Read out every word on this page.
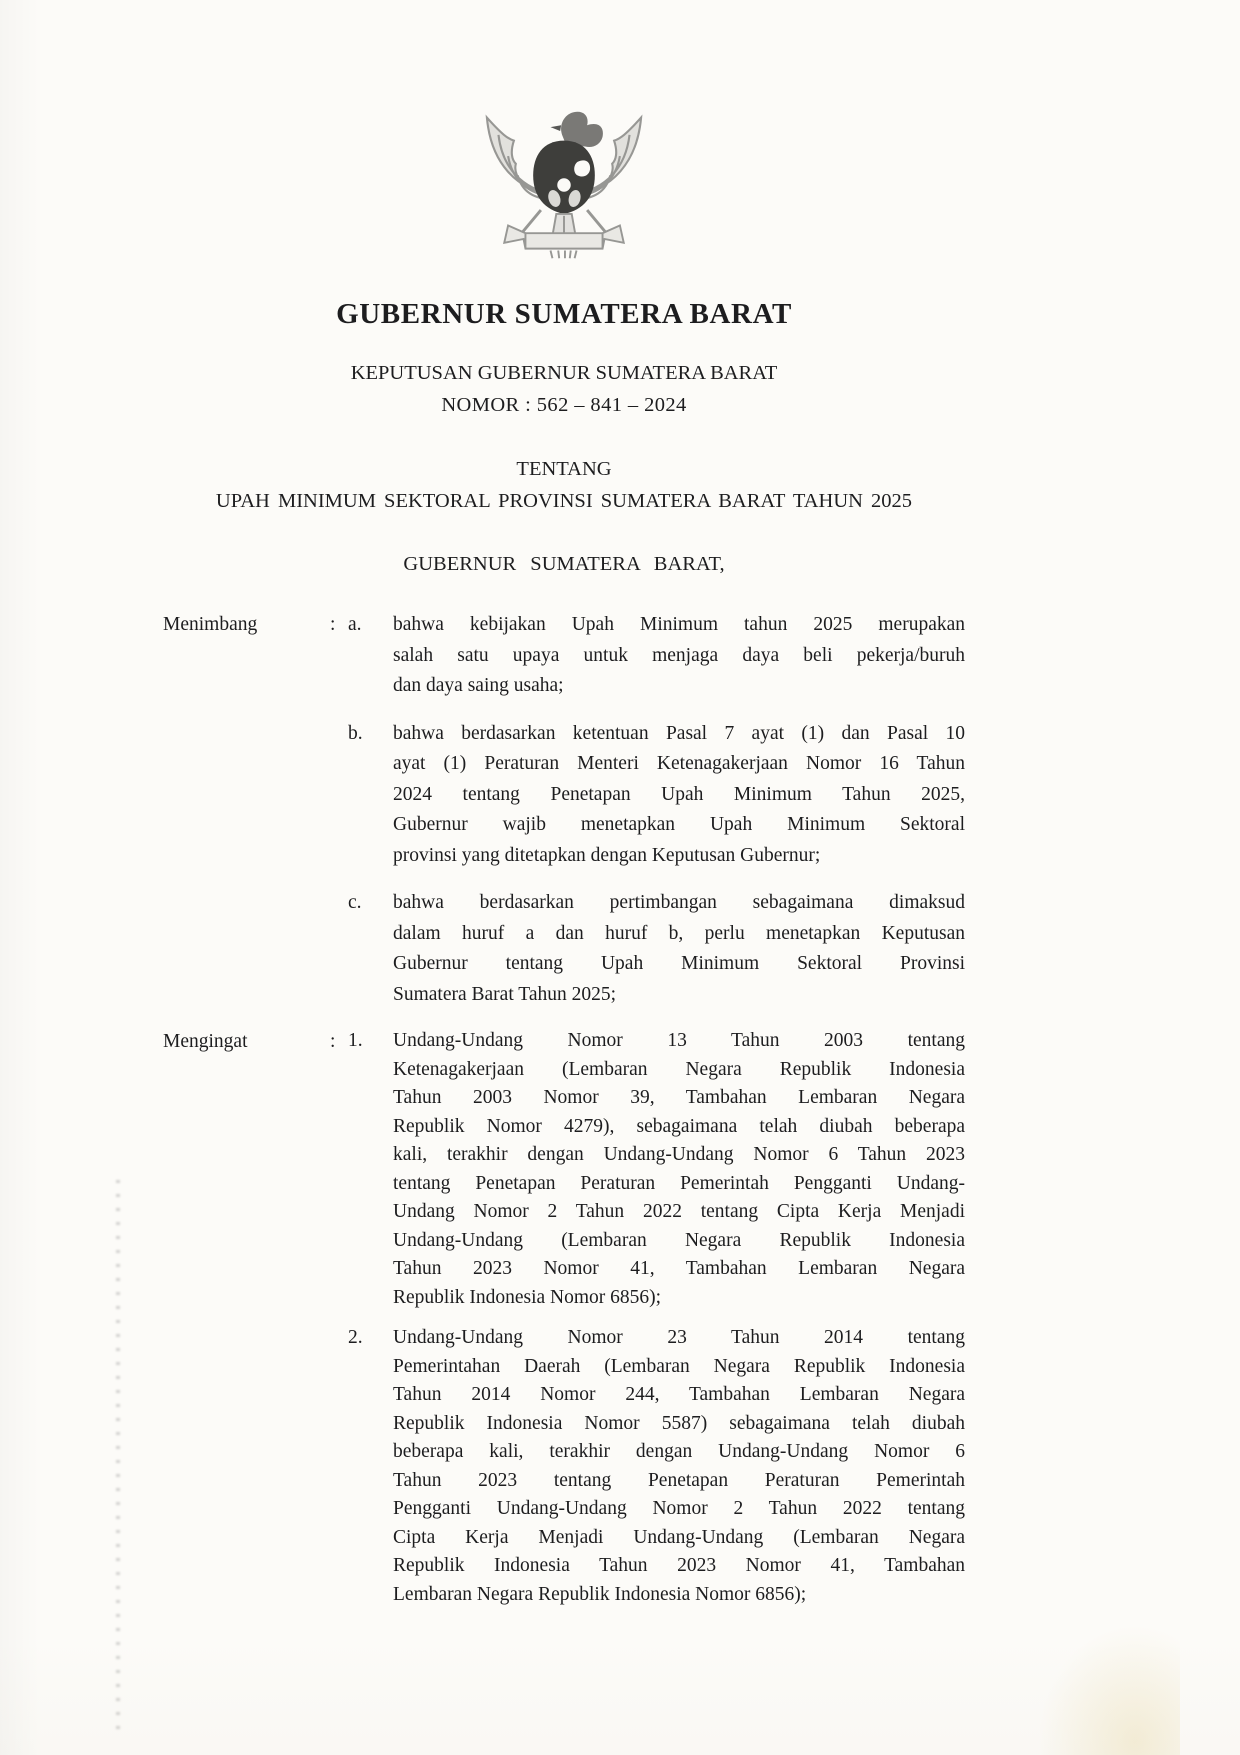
GUBERNUR SUMATERA BARAT
KEPUTUSAN GUBERNUR SUMATERA BARAT
NOMOR : 562 – 841 – 2024
TENTANG
UPAH MINIMUM SEKTORAL PROVINSI SUMATERA BARAT TAHUN 2025
GUBERNUR SUMATERA BARAT,
Menimbang	: a.	bahwa kebijakan Upah Minimum tahun 2025 merupakan
salah satu upaya untuk menjaga daya beli pekerja/buruh
dan daya saing usaha;
b.	bahwa berdasarkan ketentuan Pasal 7 ayat (1) dan Pasal 10
ayat (1) Peraturan Menteri Ketenagakerjaan Nomor 16 Tahun
2024 tentang Penetapan Upah Minimum Tahun 2025,
Gubernur wajib menetapkan Upah Minimum Sektoral
provinsi yang ditetapkan dengan Keputusan Gubernur;
c.	bahwa berdasarkan pertimbangan sebagaimana dimaksud
dalam huruf a dan huruf b, perlu menetapkan Keputusan
Gubernur tentang Upah Minimum Sektoral Provinsi
Sumatera Barat Tahun 2025;
Mengingat	: 1.	Undang-Undang Nomor 13 Tahun 2003 tentang
Ketenagakerjaan (Lembaran Negara Republik Indonesia
Tahun 2003 Nomor 39, Tambahan Lembaran Negara
Republik Nomor 4279), sebagaimana telah diubah beberapa
kali, terakhir dengan Undang-Undang Nomor 6 Tahun 2023
tentang Penetapan Peraturan Pemerintah Pengganti Undang-
Undang Nomor 2 Tahun 2022 tentang Cipta Kerja Menjadi
Undang-Undang (Lembaran Negara Republik Indonesia
Tahun 2023 Nomor 41, Tambahan Lembaran Negara
Republik Indonesia Nomor 6856);
2.	Undang-Undang Nomor 23 Tahun 2014 tentang
Pemerintahan Daerah (Lembaran Negara Republik Indonesia
Tahun 2014 Nomor 244, Tambahan Lembaran Negara
Republik Indonesia Nomor 5587) sebagaimana telah diubah
beberapa kali, terakhir dengan Undang-Undang Nomor 6
Tahun 2023 tentang Penetapan Peraturan Pemerintah
Pengganti Undang-Undang Nomor 2 Tahun 2022 tentang
Cipta Kerja Menjadi Undang-Undang (Lembaran Negara
Republik Indonesia Tahun 2023 Nomor 41, Tambahan
Lembaran Negara Republik Indonesia Nomor 6856);
